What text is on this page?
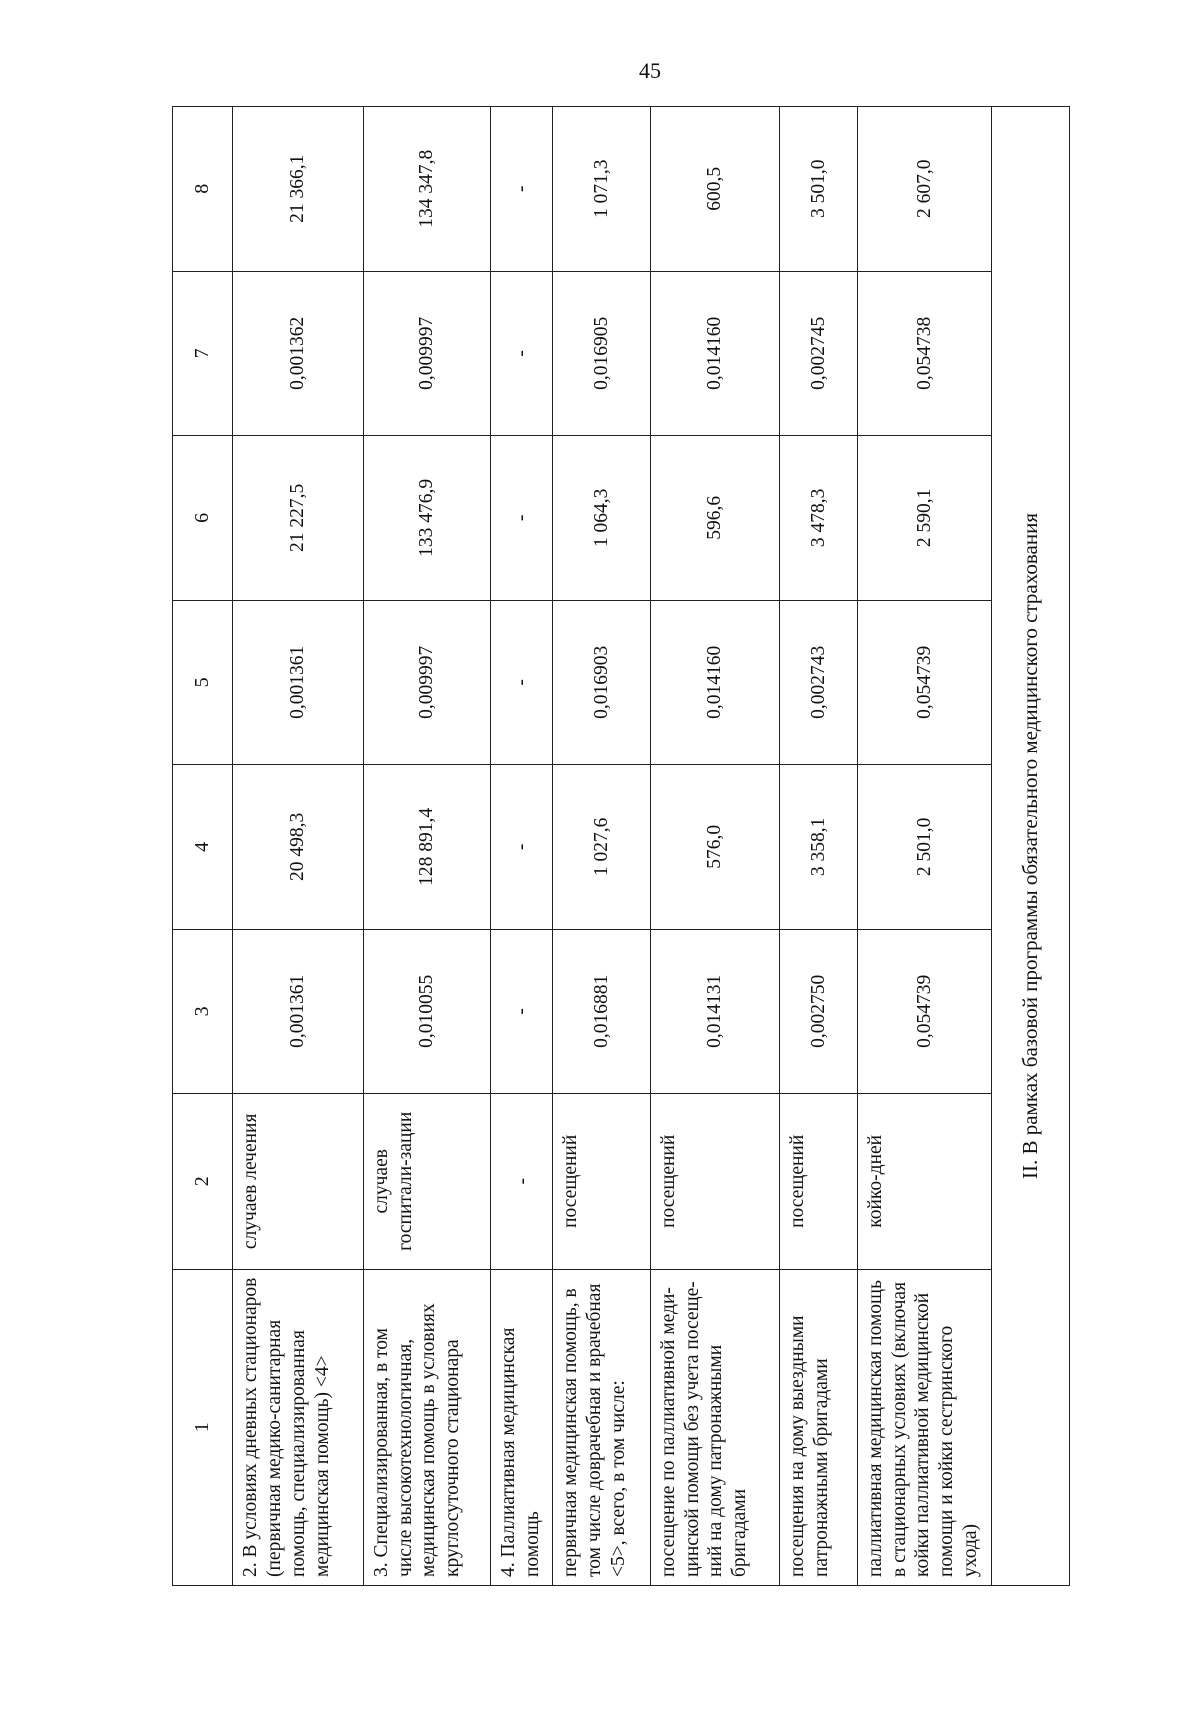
45
1	2	3	4	5	6	7	8
2. В условиях дневных стационаров (первичная медико-санитарная помощь, специализированная медицинская помощь) <4>	случаев лечения	0,001361	20 498,3	0,001361	21 227,5	0,001362	21 366,1
3. Специализированная, в том числе высокотехнологичная, медицинская помощь в условиях круглосуточного стационара	случаев госпитали-зации	0,010055	128 891,4	0,009997	133 476,9	0,009997	134 347,8
4. Паллиативная медицинская помощь	-	-	-	-	-	-	-
первичная медицинская помощь, в том числе доврачебная и врачебная <5>, всего, в том числе:	посещений	0,016881	1 027,6	0,016903	1 064,3	0,016905	1 071,3
посещение по паллиативной меди-цинской помощи без учета посеще-ний на дому патронажными бригадами	посещений	0,014131	576,0	0,014160	596,6	0,014160	600,5
посещения на дому выездными патронажными бригадами	посещений	0,002750	3 358,1	0,002743	3 478,3	0,002745	3 501,0
паллиативная медицинская помощь в стационарных условиях (включая койки паллиативной медицинской помощи и койки сестринского ухода)	койко-дней	0,054739	2 501,0	0,054739	2 590,1	0,054738	2 607,0
II. В рамках базовой программы обязательного медицинского страхования							
